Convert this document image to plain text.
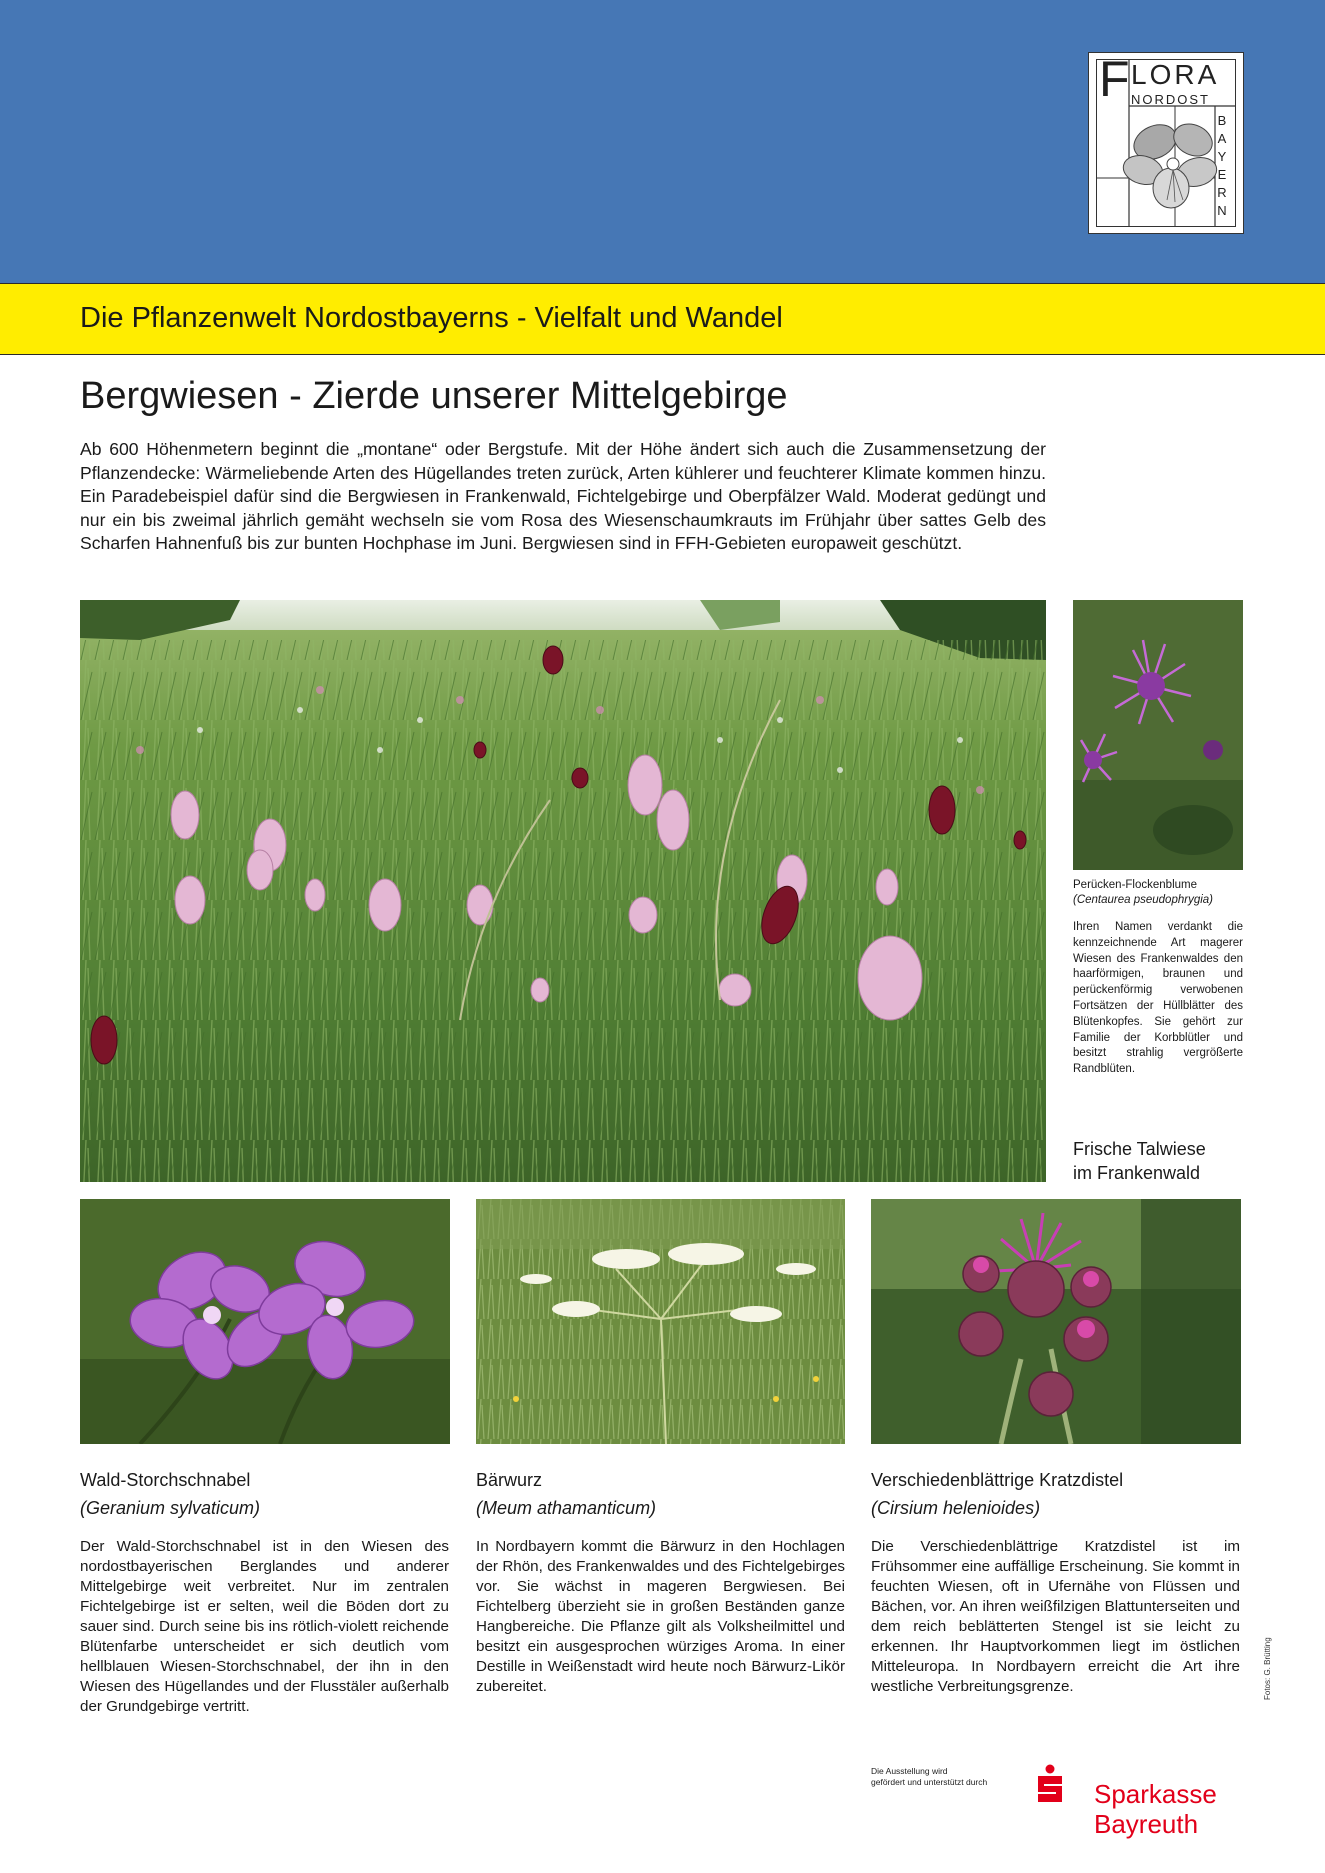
Die Pflanzenwelt Nordostbayerns - Vielfalt und Wandel
F LORA
NORDOST
B
A
Y
E
R
N
Bergwiesen - Zierde unserer Mittelgebirge

Ab 600 Höhenmetern beginnt die „montane“ oder Bergstufe. Mit der Höhe ändert sich auch die Zusammensetzung der Pflanzendecke: Wärmeliebende Arten des Hügellandes treten zurück, Arten kühlerer und feuchterer Klimate kommen hinzu. Ein Paradebeispiel dafür sind die Bergwiesen in Frankenwald, Fichtelgebirge und Oberpfälzer Wald. Moderat gedüngt und nur ein bis zweimal jährlich gemäht wechseln sie vom Rosa des Wiesenschaumkrauts im Frühjahr über sattes Gelb des Scharfen Hahnenfuß bis zur bunten Hochphase im Juni. Bergwiesen sind in FFH-Gebieten europaweit geschützt.

Perücken-Flockenblume
(Centaurea pseudophrygia)

Ihren Namen verdankt die kennzeichnende Art magerer Wiesen des Frankenwaldes den haarförmigen, braunen und perückenförmig verwobenen Fortsätzen der Hüllblätter des Blütenkopfes. Sie gehört zur Familie der Korbblütler und besitzt strahlig vergrößerte Randblüten.

Frische Talwiese
im Frankenwald
Wald-Storchschnabel
(Geranium sylvaticum)

Der Wald-Storchschnabel ist in den Wiesen des nordostbayerischen Berglandes und anderer Mittelgebirge weit verbreitet. Nur im zentralen Fichtelgebirge ist er selten, weil die Böden dort zu sauer sind. Durch seine bis ins rötlich-violett reichende Blütenfarbe unterscheidet er sich deutlich vom hellblauen Wiesen-Storchschnabel, der ihn in den Wiesen des Hügellandes und der Flusstäler außerhalb der Grundgebirge vertritt.

Bärwurz
(Meum athamanticum)

In Nordbayern kommt die Bärwurz in den Hochlagen der Rhön, des Frankenwaldes und des Fichtelgebirges vor. Sie wächst in mageren Bergwiesen. Bei Fichtelberg überzieht sie in großen Beständen ganze Hangbereiche. Die Pflanze gilt als Volksheilmittel und besitzt ein ausgesprochen würziges Aroma. In einer Destille in Weißenstadt wird heute noch Bärwurz-Likör zubereitet.

Verschiedenblättrige Kratzdistel
(Cirsium helenioides)

Die Verschiedenblättrige Kratzdistel ist im Frühsommer eine auffällige Erscheinung. Sie kommt in feuchten Wiesen, oft in Ufernähe von Flüssen und Bächen, vor. An ihren weißfilzigen Blattunterseiten und dem reich beblätterten Stengel ist sie leicht zu erkennen. Ihr Hauptvorkommen liegt im östlichen Mitteleuropa. In Nordbayern erreicht die Art ihre westliche Verbreitungsgrenze.	Fotos: G. Brütting
Die Ausstellung wird
gefördert und unterstützt durch	Sparkasse
Bayreuth
